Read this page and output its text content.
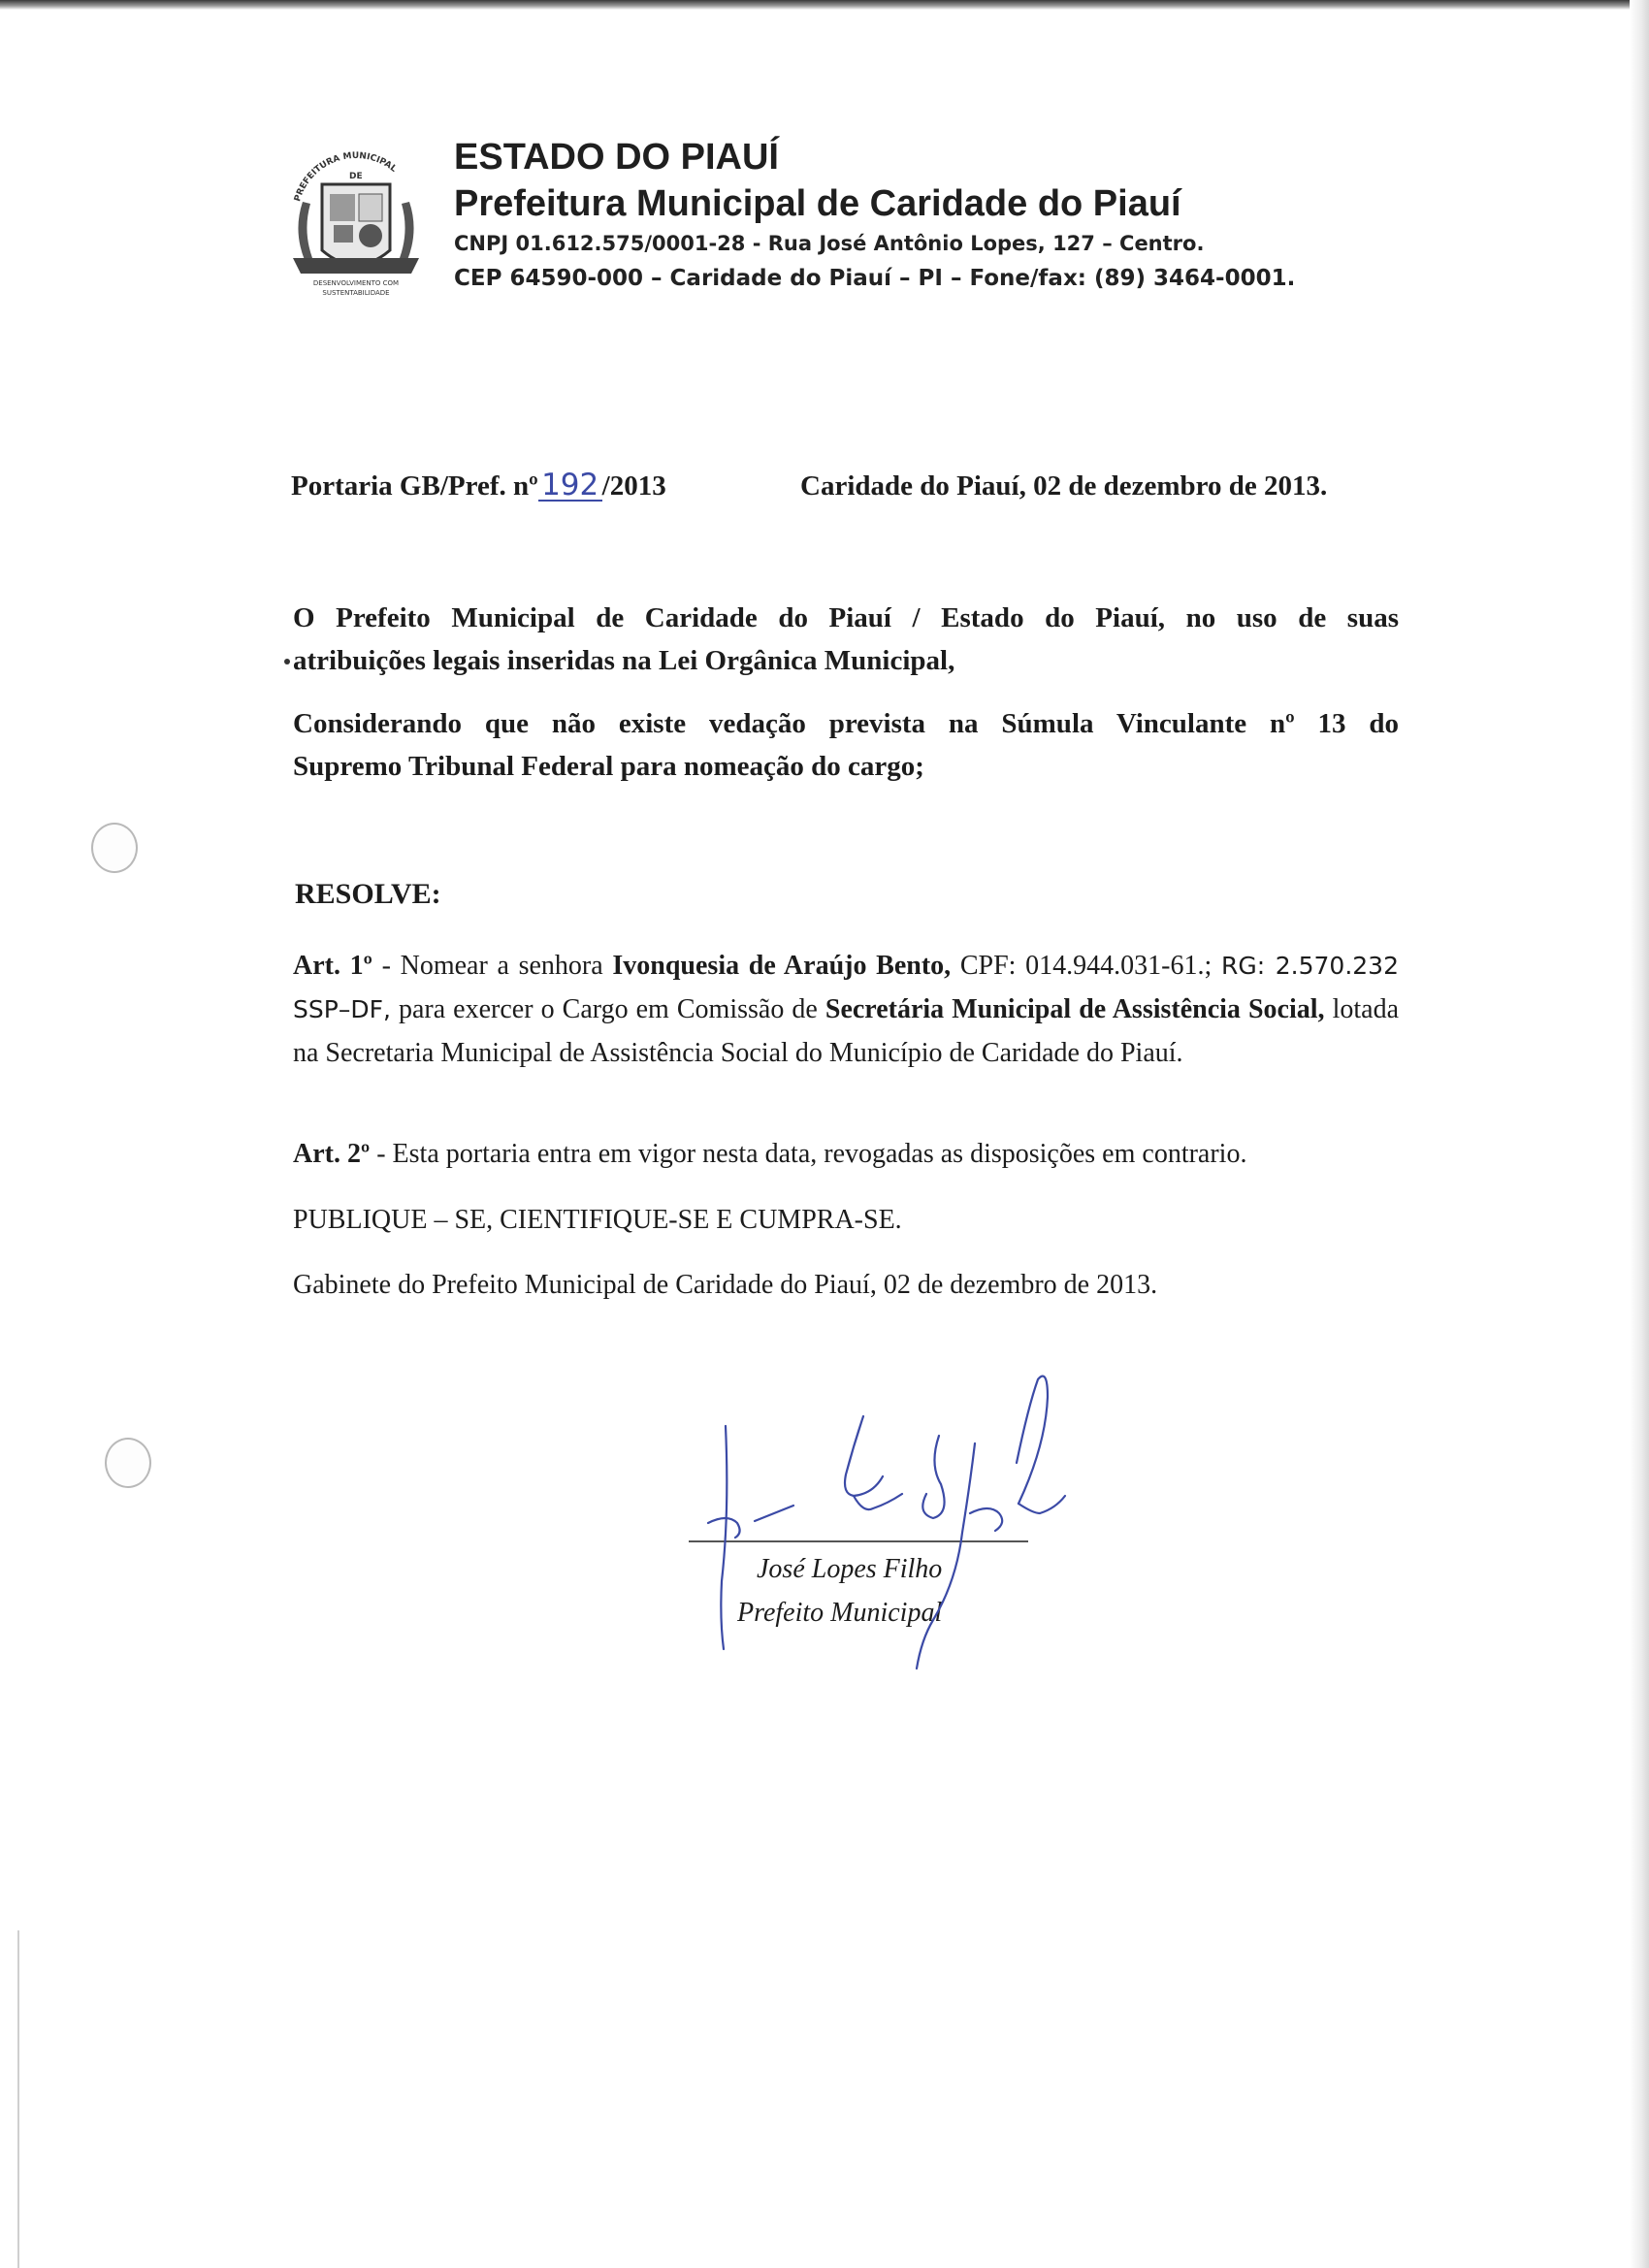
PREFEITURA MUNICIPAL
DE
DESENVOLVIMENTO COM
SUSTENTABILIDADE
ESTADO DO PIAUÍ
Prefeitura Municipal de Caridade do Piauí
CNPJ 01.612.575/0001-28 - Rua José Antônio Lopes, 127 – Centro.
CEP 64590-000 – Caridade do Piauí – PI – Fone/fax: (89) 3464-0001.
Portaria GB/Pref. nº 192 /2013	Caridade do Piauí, 02 de dezembro de 2013.
O Prefeito Municipal de Caridade do Piauí / Estado do Piauí, no uso de suas
atribuições legais inseridas na Lei Orgânica Municipal,
Considerando que não existe vedação prevista na Súmula Vinculante nº 13 do
Supremo Tribunal Federal para nomeação do cargo;
RESOLVE:
Art. 1º - Nomear a senhora Ivonquesia de Araújo Bento, CPF: 014.944.031-61.; RG: 2.570.232 SSP–DF, para exercer o Cargo em Comissão de Secretária Municipal de Assistência Social, lotada na Secretaria Municipal de Assistência Social do Município de Caridade do Piauí.
Art. 2º - Esta portaria entra em vigor nesta data, revogadas as disposições em contrario.
PUBLIQUE – SE, CIENTIFIQUE-SE E CUMPRA-SE.
Gabinete do Prefeito Municipal de Caridade do Piauí, 02 de dezembro de 2013.
José Lopes Filho
Prefeito Municipal
